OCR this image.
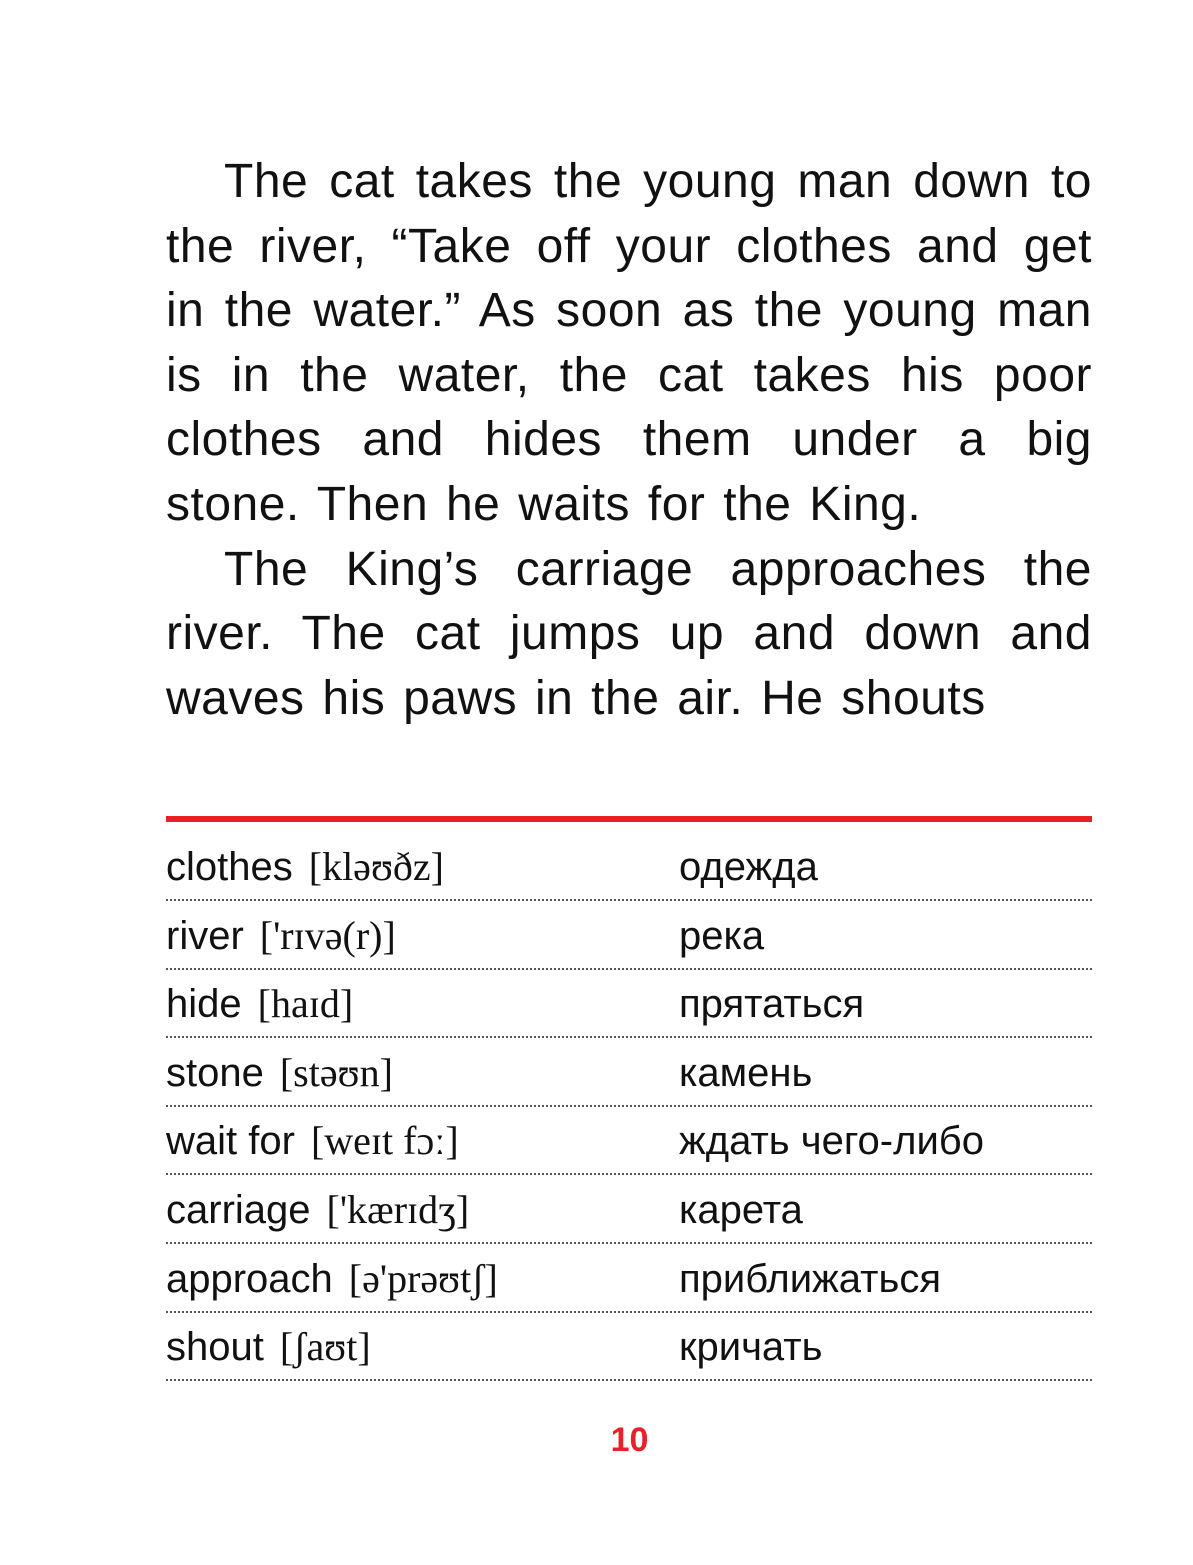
The cat takes the young man down to the river, “Take off your clothes and get in the water.” As soon as the young man is in the water, the cat takes his poor clothes and hides them under a big stone. Then he waits for the King.

The King’s carriage approaches the river. The cat jumps up and down and waves his paws in the air. He shouts

clothes [kləʊðz]	одежда
river ['rɪvə(r)]	река
hide [haɪd]	прятаться
stone [stəʊn]	камень
wait for [weɪt fɔː]	ждать чего-либо
carriage ['kærɪdʒ]	карета
approach [ə'prəʊtʃ]	приближаться
shout [ʃaʊt]	кричать
10
